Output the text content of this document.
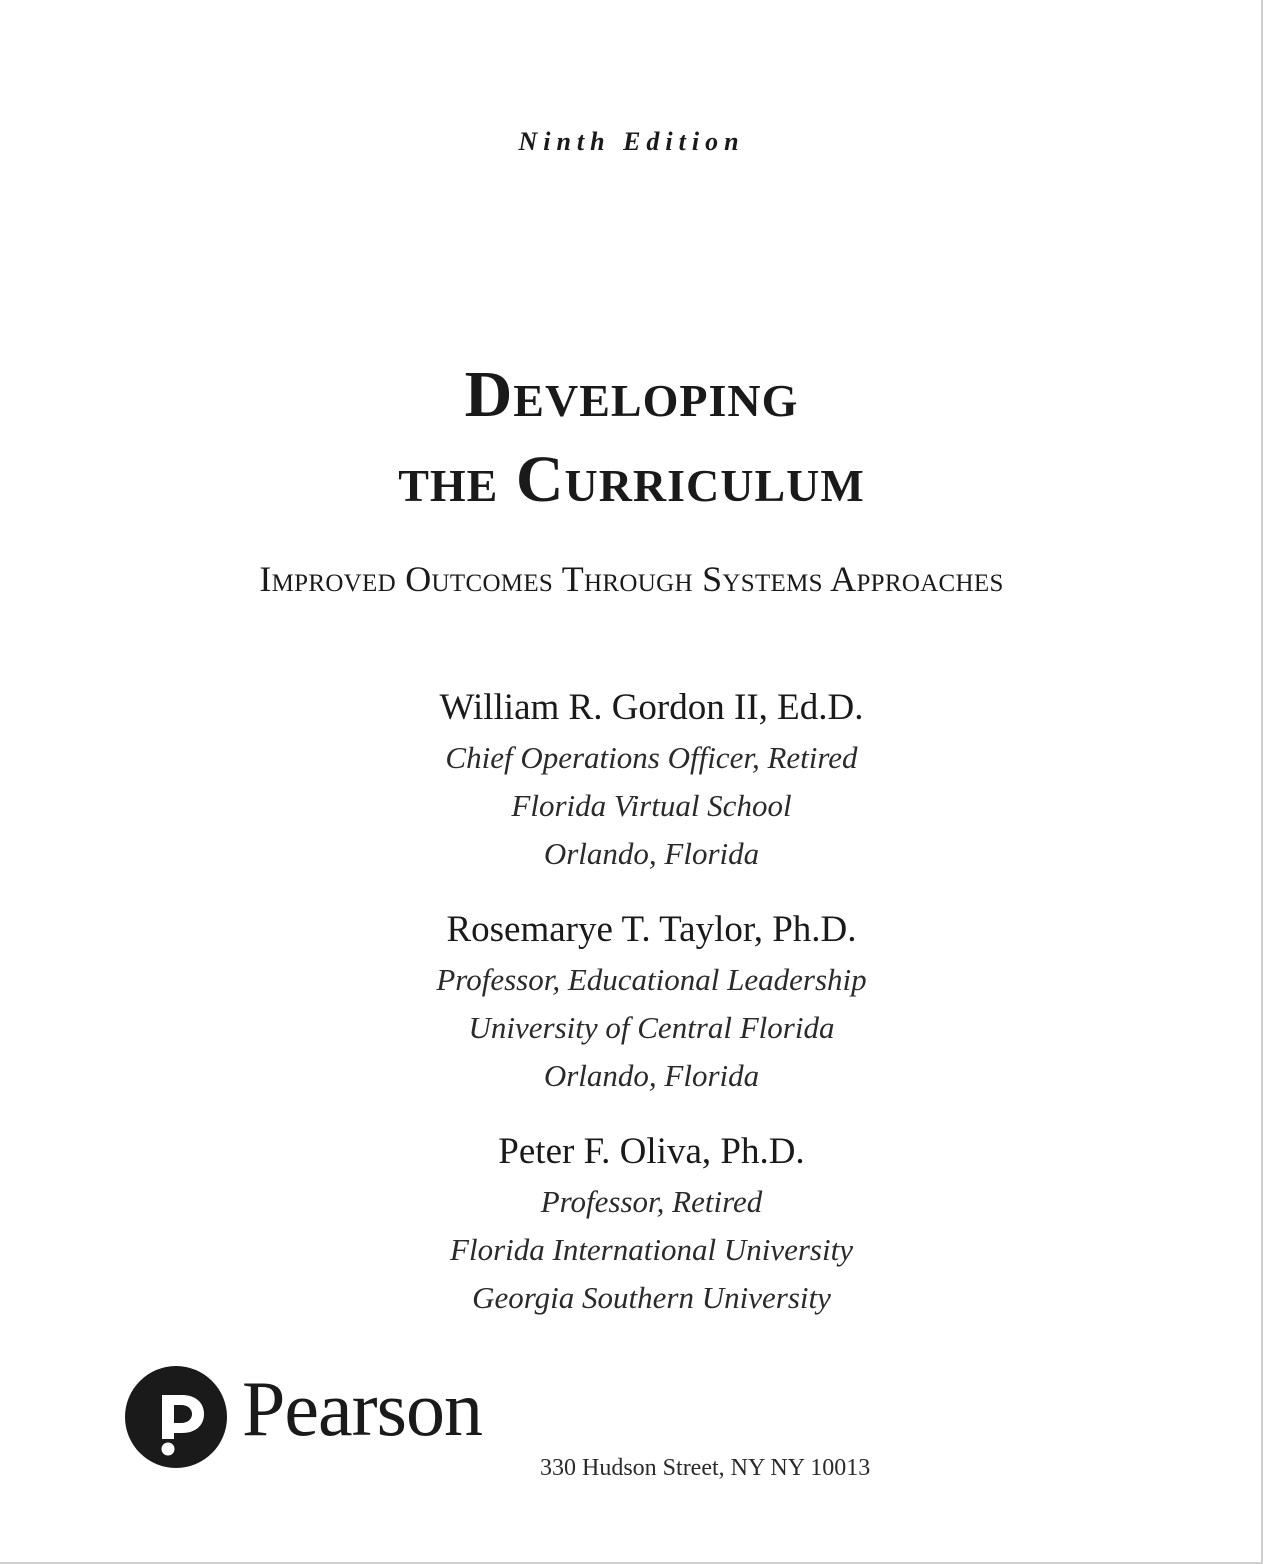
Ninth Edition
Developing
the Curriculum
Improved Outcomes Through Systems Approaches
William R. Gordon II, Ed.D.
Chief Operations Officer, Retired
Florida Virtual School
Orlando, Florida
Rosemarye T. Taylor, Ph.D.
Professor, Educational Leadership
University of Central Florida
Orlando, Florida
Peter F. Oliva, Ph.D.
Professor, Retired
Florida International University
Georgia Southern University
Pearson
330 Hudson Street, NY NY 10013
